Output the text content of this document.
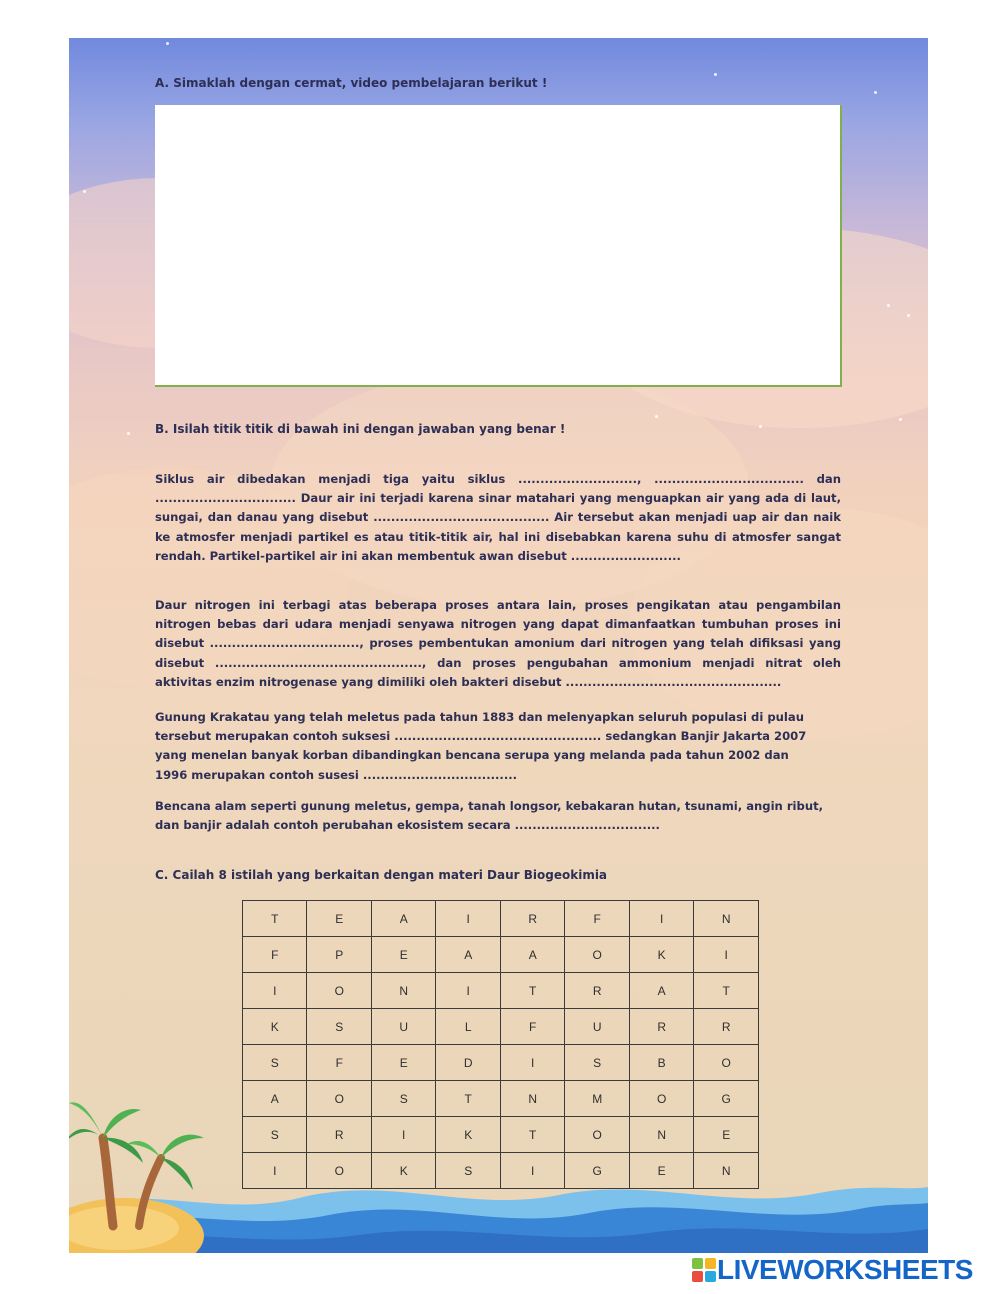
A. Simaklah dengan cermat, video pembelajaran berikut !
B. Isilah titik titik di bawah ini dengan jawaban yang benar !

Siklus air dibedakan menjadi tiga yaitu siklus ..........................., .................................. dan ................................ Daur air ini terjadi karena sinar matahari yang menguapkan air yang ada di laut, sungai, dan danau yang disebut ........................................ Air tersebut akan menjadi uap air dan naik ke atmosfer menjadi partikel es atau titik-titik air, hal ini disebabkan karena suhu di atmosfer sangat rendah. Partikel-partikel air ini akan membentuk awan disebut .........................

Daur nitrogen ini terbagi atas beberapa proses antara lain, proses pengikatan atau pengambilan nitrogen bebas dari udara menjadi senyawa nitrogen yang dapat dimanfaatkan tumbuhan proses ini disebut .................................., proses pembentukan amonium dari nitrogen yang telah difiksasi yang disebut ..............................................., dan proses pengubahan ammonium menjadi nitrat oleh aktivitas enzim nitrogenase yang dimiliki oleh bakteri disebut .................................................

Gunung Krakatau yang telah meletus pada tahun 1883 dan melenyapkan seluruh populasi di pulau tersebut merupakan contoh suksesi ............................................... sedangkan Banjir Jakarta 2007 yang menelan banyak korban dibandingkan bencana serupa yang melanda pada tahun 2002 dan 1996 merupakan contoh susesi ...................................

Bencana alam seperti gunung meletus, gempa, tanah longsor, kebakaran hutan, tsunami, angin ribut, dan banjir adalah contoh perubahan ekosistem secara .................................

C. Cailah 8 istilah yang berkaitan dengan materi Daur Biogeokimia
T	E	A	I	R	F	I	N
F	P	E	A	A	O	K	I
I	O	N	I	T	R	A	T
K	S	U	L	F	U	R	R
S	F	E	D	I	S	B	O
A	O	S	T	N	M	O	G
S	R	I	K	T	O	N	E
I	O	K	S	I	G	E	N
LIVEWORKSHEETS
